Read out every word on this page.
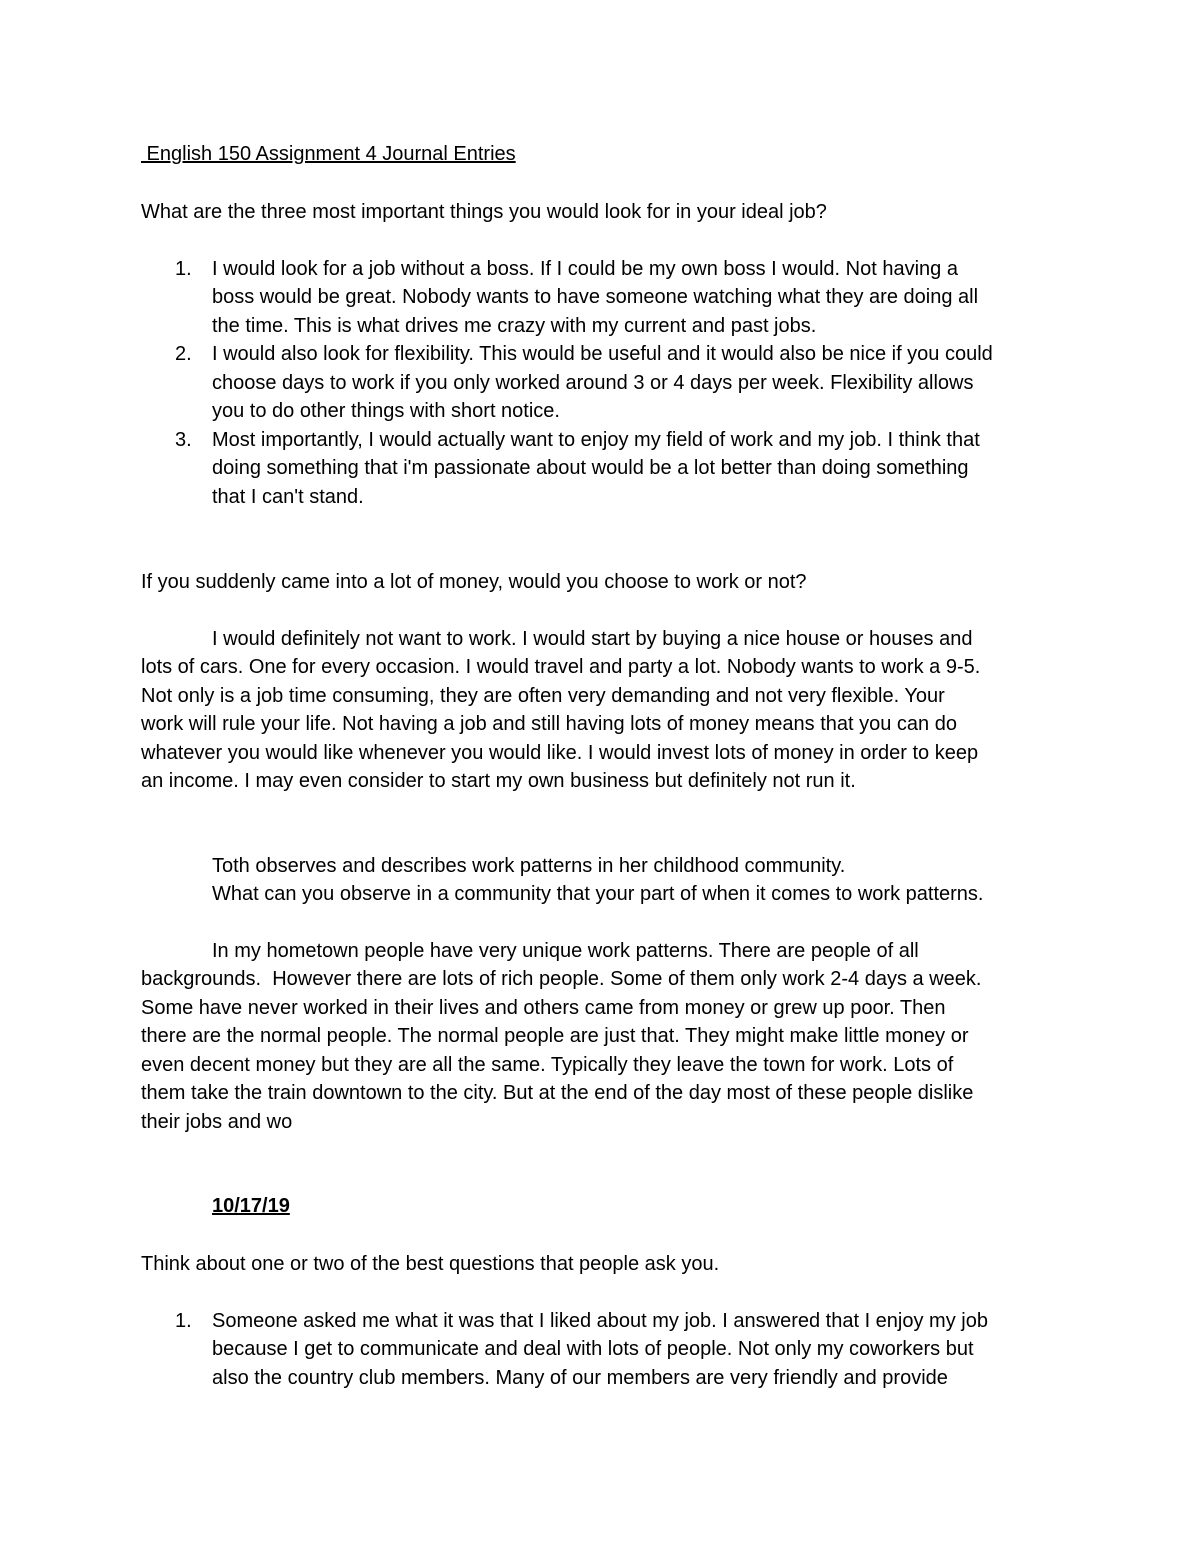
English 150 Assignment 4 Journal Entries
What are the three most important things you would look for in your ideal job?
1. I would look for a job without a boss. If I could be my own boss I would. Not having a
boss would be great. Nobody wants to have someone watching what they are doing all
the time. This is what drives me crazy with my current and past jobs.
2. I would also look for flexibility. This would be useful and it would also be nice if you could
choose days to work if you only worked around 3 or 4 days per week. Flexibility allows
you to do other things with short notice.
3. Most importantly, I would actually want to enjoy my field of work and my job. I think that
doing something that i'm passionate about would be a lot better than doing something
that I can't stand.
If you suddenly came into a lot of money, would you choose to work or not?
I would definitely not want to work. I would start by buying a nice house or houses and
lots of cars. One for every occasion. I would travel and party a lot. Nobody wants to work a 9-5.
Not only is a job time consuming, they are often very demanding and not very flexible. Your
work will rule your life. Not having a job and still having lots of money means that you can do
whatever you would like whenever you would like. I would invest lots of money in order to keep
an income. I may even consider to start my own business but definitely not run it.
Toth observes and describes work patterns in her childhood community.
What can you observe in a community that your part of when it comes to work patterns.
In my hometown people have very unique work patterns. There are people of all
backgrounds.  However there are lots of rich people. Some of them only work 2-4 days a week.
Some have never worked in their lives and others came from money or grew up poor. Then
there are the normal people. The normal people are just that. They might make little money or
even decent money but they are all the same. Typically they leave the town for work. Lots of
them take the train downtown to the city. But at the end of the day most of these people dislike
their jobs and wo
10/17/19
Think about one or two of the best questions that people ask you.
1. Someone asked me what it was that I liked about my job. I answered that I enjoy my job
because I get to communicate and deal with lots of people. Not only my coworkers but
also the country club members. Many of our members are very friendly and provide
